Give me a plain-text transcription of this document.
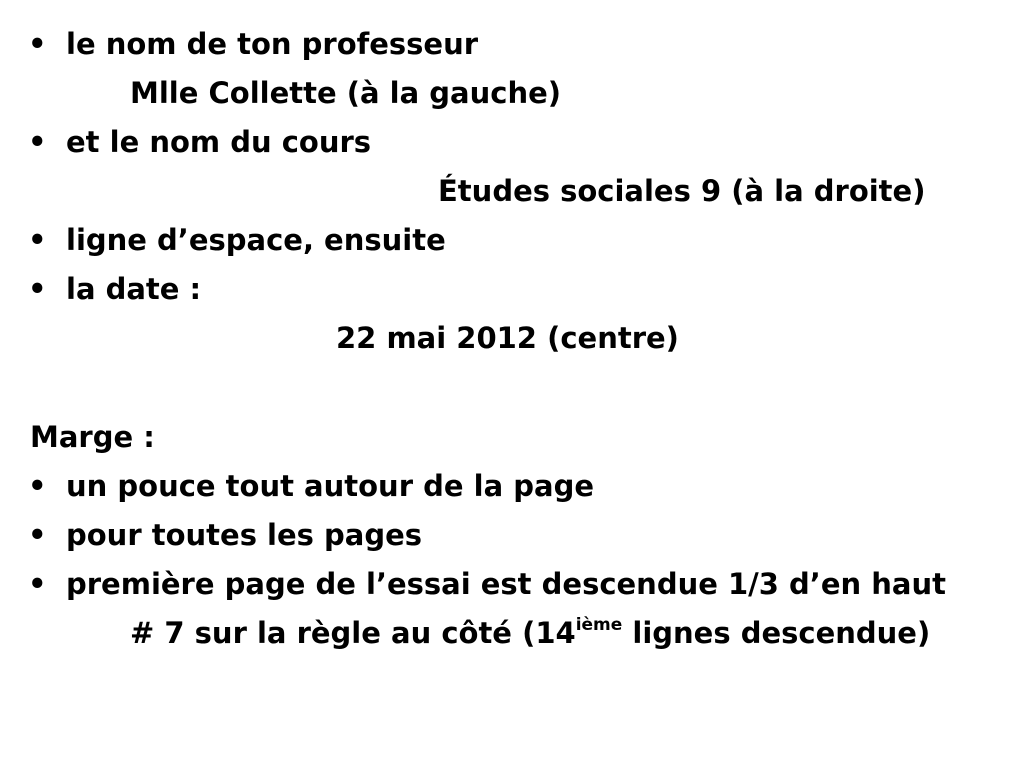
• le nom de ton professeur
Mlle Collette (à la gauche)
• et le nom du cours
Études sociales 9 (à la droite)
• ligne d’espace, ensuite
• la date :
22 mai 2012 (centre)
Marge :
• un pouce tout autour de la page
• pour toutes les pages
• première page de l’essai est descendue 1/3 d’en haut
# 7 sur la règle au côté (14ième lignes descendue)
